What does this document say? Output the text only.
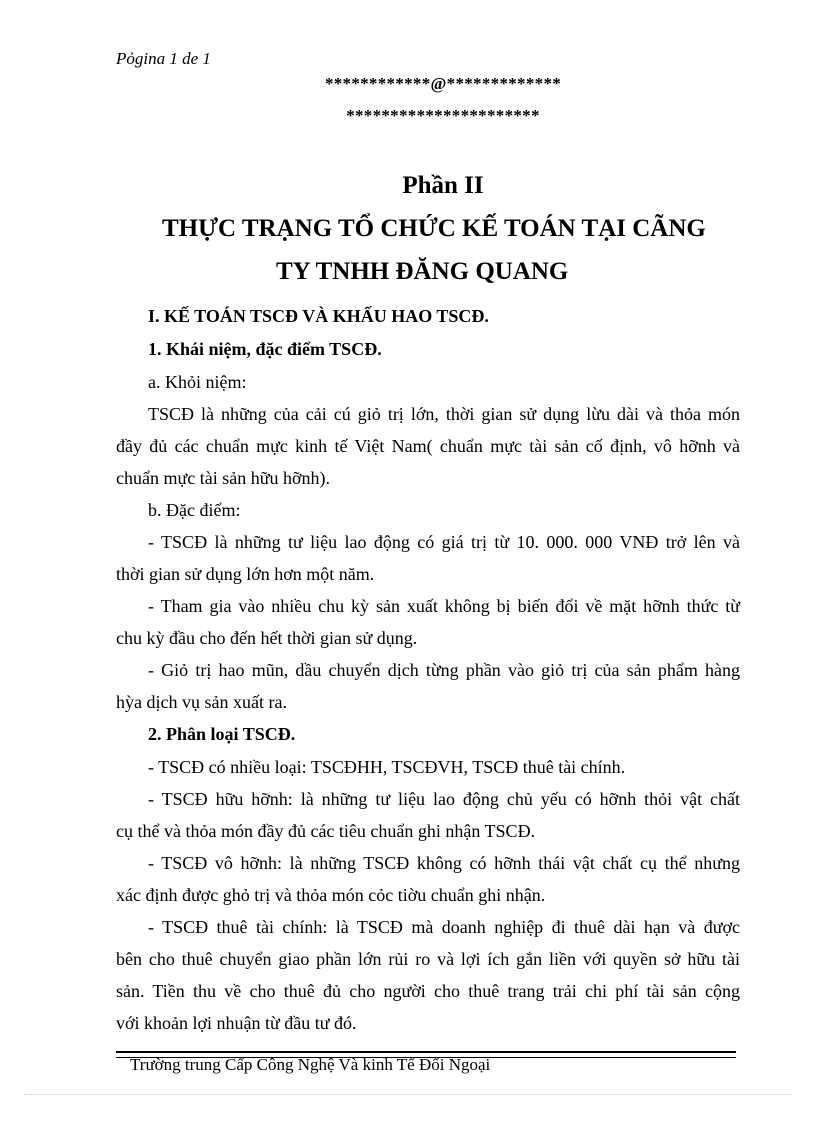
Pỏgina 1 de 1
************@*************
**********************
Phần II
THỰC TRẠNG TỔ CHỨC KẾ TOÁN TẠI CÃNG
TY TNHH ĐĂNG QUANG
I. KẾ TOÁN TSCĐ VÀ KHẤU HAO TSCĐ.
1. Khái niệm, đặc điểm TSCĐ.
a. Khỏi niệm:
TSCĐ là những của cải cú giỏ trị lớn, thời gian sử dụng lừu dài và thỏa món
đầy đủ các chuẩn mực kinh tế Việt Nam( chuẩn mực tài sản cố định, vô hỡnh và
chuẩn mực tài sản hữu hỡnh).
b. Đặc điểm:
- TSCĐ là những tư liệu lao động có giá trị từ 10. 000. 000 VNĐ trở lên và
thời gian sử dụng lớn hơn một năm.
- Tham gia vào nhiều chu kỳ sản xuất không bị biến đổi về mặt hỡnh thức từ
chu kỳ đầu cho đến hết thời gian sử dụng.
- Giỏ trị hao mũn, dầu chuyển dịch từng phần vào giỏ trị của sản phẩm hàng
hỳa dịch vụ sản xuất ra.
2. Phân loại TSCĐ.
- TSCĐ có nhiều loại: TSCĐHH, TSCĐVH, TSCĐ thuê tài chính.
- TSCĐ hữu hỡnh: là những tư liệu lao động chủ yếu có hỡnh thỏi vật chất
cụ thể và thỏa món đầy đủ các tiêu chuẩn ghi nhận TSCĐ.
- TSCĐ vô hỡnh: là những TSCĐ không có hỡnh thái vật chất cụ thể nhưng
xác định được ghỏ trị và thỏa món cỏc tiờu chuẩn ghi nhận.
- TSCĐ thuê tài chính: là TSCĐ mà doanh nghiệp đi thuê dài hạn và được
bên cho thuê chuyển giao phần lớn rủi ro và lợi ích gắn liền với quyền sở hữu tài
sản. Tiền thu về cho thuê đủ cho người cho thuê trang trải chi phí tài sản cộng
với khoản lợi nhuận từ đầu tư đó.
Trường trung Cấp Công Nghệ Và kinh Tế Đối Ngoại
